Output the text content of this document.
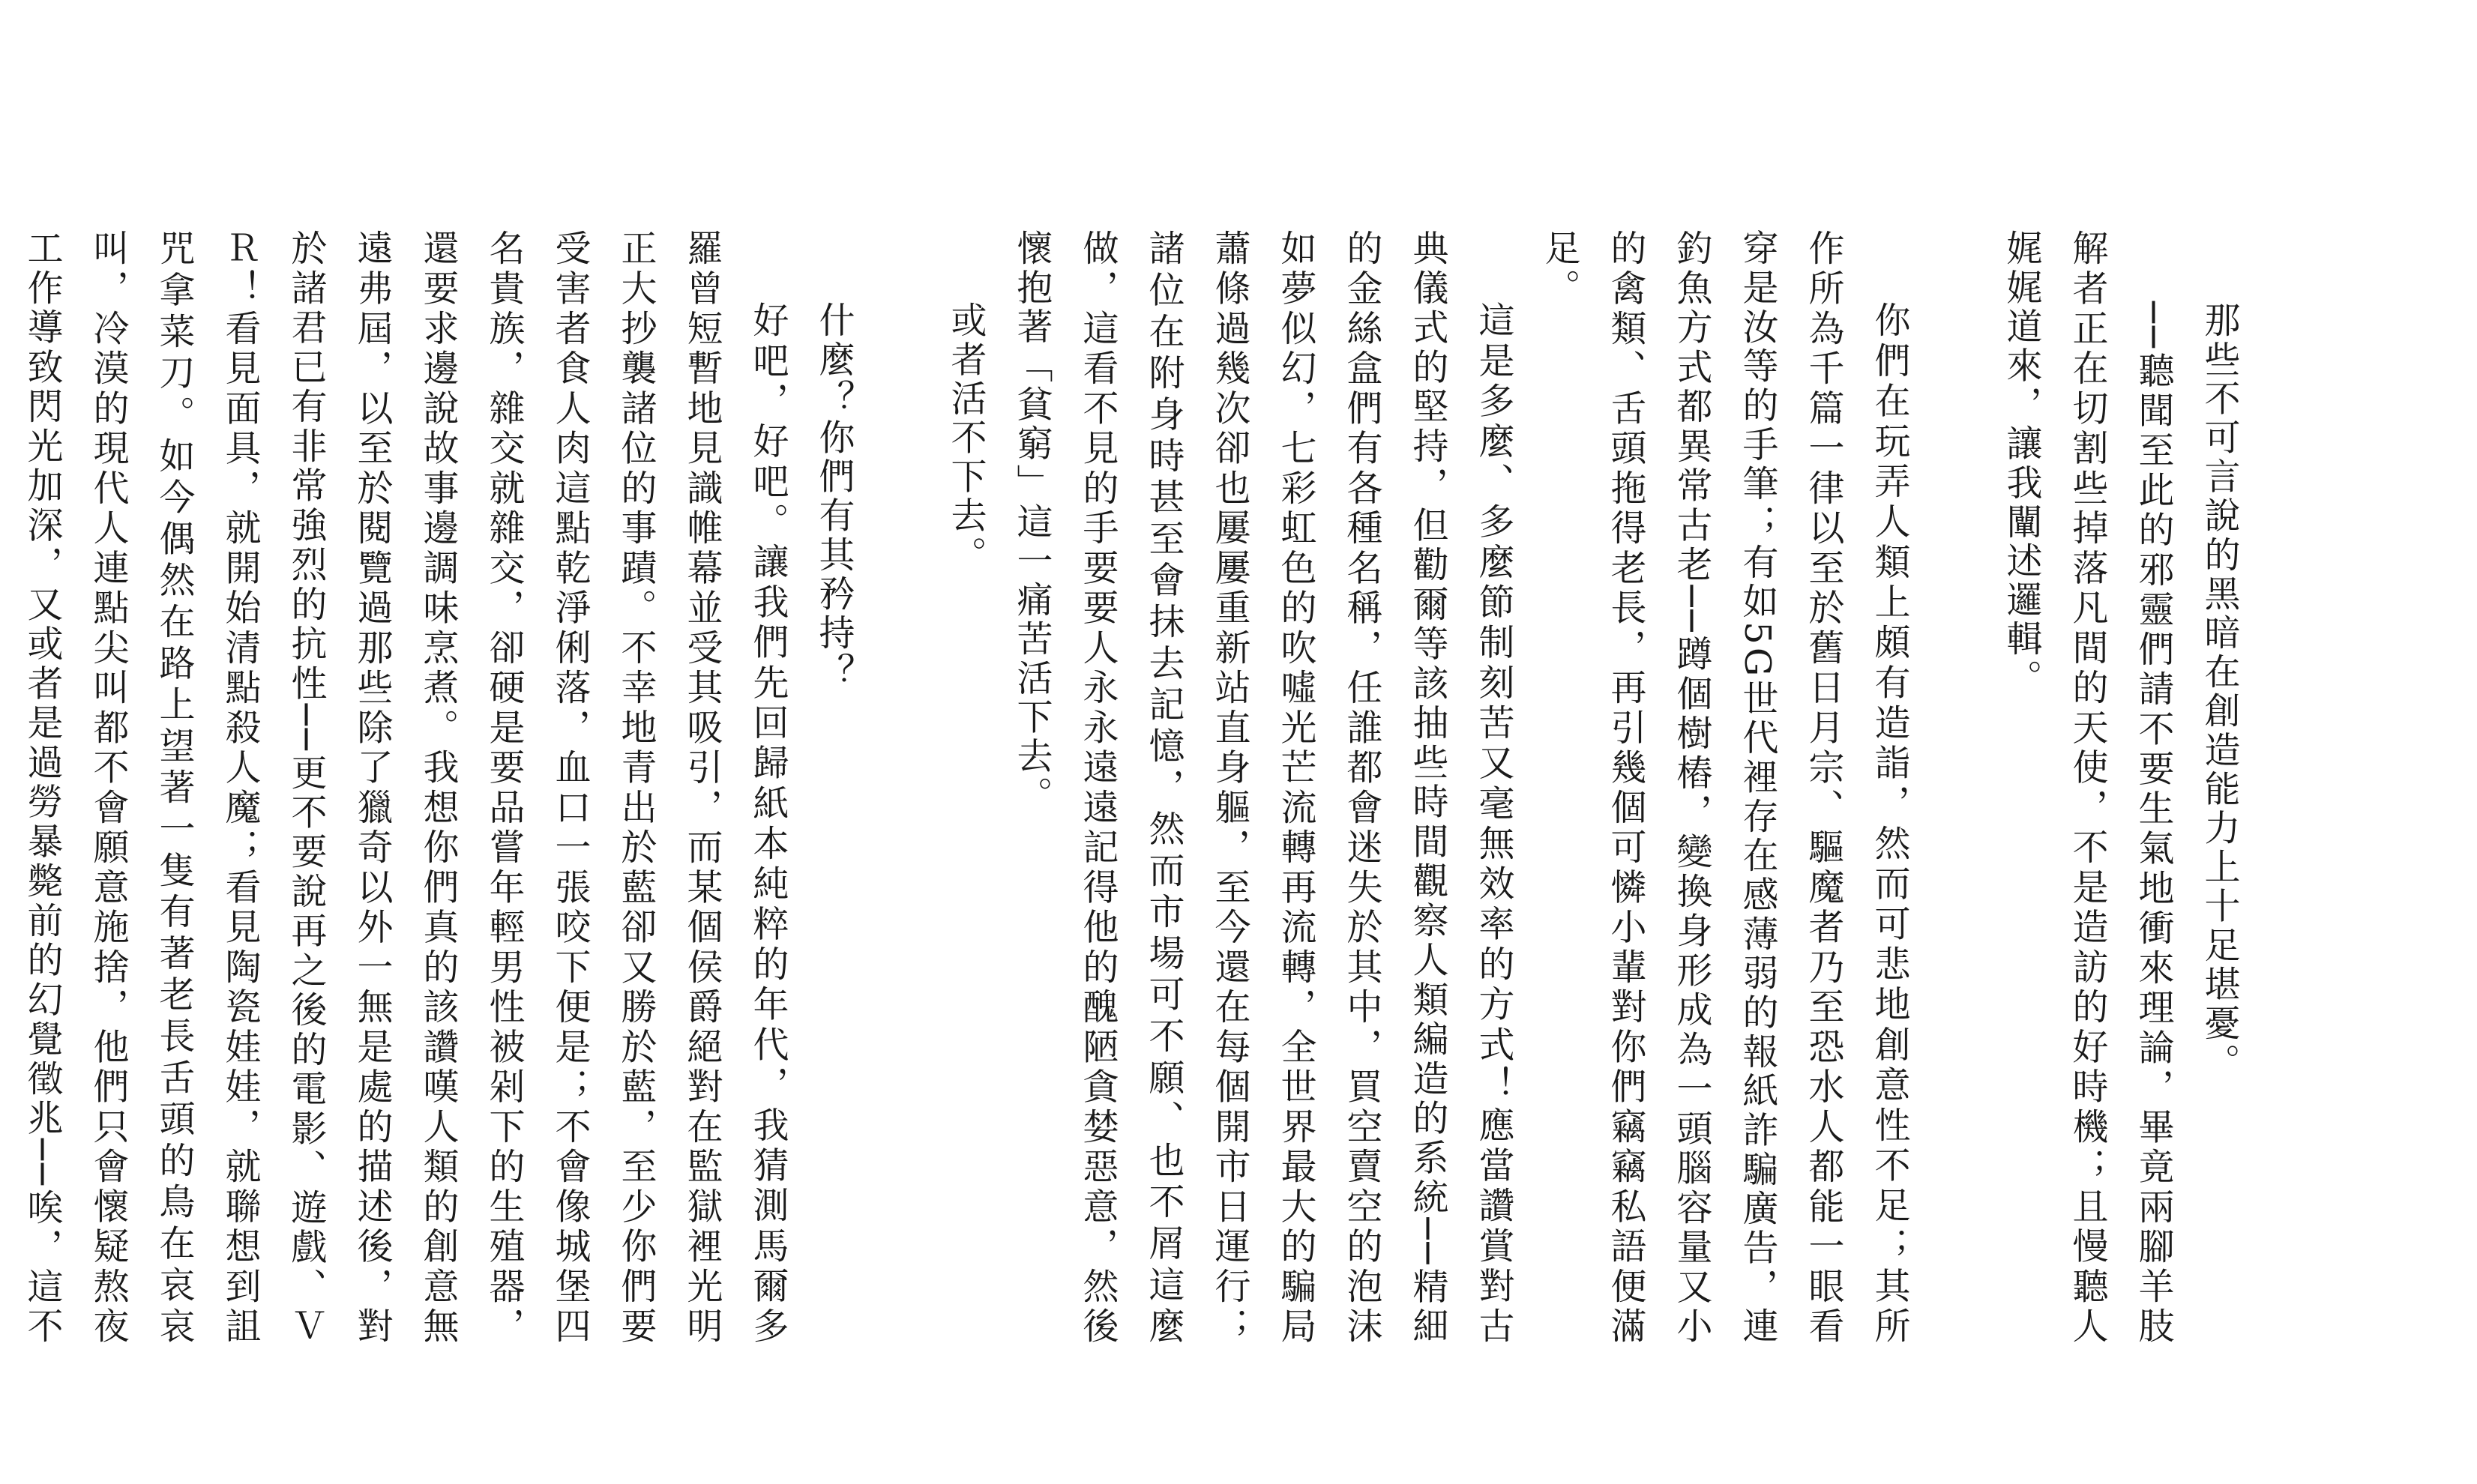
那些不可言說的黑暗在創造能力上十足堪憂。

──聽聞至此的邪靈們請不要生氣地衝來理論，畢竟兩腳羊肢解者正在切割些掉落凡間的天使，不是造訪的好時機；且慢聽人娓娓道來，讓我闡述邏輯。

你們在玩弄人類上頗有造詣，然而可悲地創意性不足；其所作所為千篇一律以至於舊日月宗、驅魔者乃至恐水人都能一眼看穿是汝等的手筆；有如5G世代裡存在感薄弱的報紙詐騙廣告，連釣魚方式都異常古老──蹲個樹樁，變換身形成為一頭腦容量又小的禽類、舌頭拖得老長，再引幾個可憐小輩對你們竊竊私語便滿足。

這是多麼、多麼節制刻苦又毫無效率的方式！應當讚賞對古典儀式的堅持，但勸爾等該抽些時間觀察人類編造的系統──精細的金絲盒們有各種名稱，任誰都會迷失於其中，買空賣空的泡沫如夢似幻，七彩虹色的吹噓光芒流轉再流轉，全世界最大的騙局蕭條過幾次卻也屢屢重新站直身軀，至今還在每個開市日運行；諸位在附身時甚至會抹去記憶，然而市場可不願、也不屑這麼做，這看不見的手要要人永永遠遠記得他的醜陋貪婪惡意，然後懷抱著「貧窮」這一痛苦活下去。

或者活不下去。

什麼？你們有其矜持？

好吧，好吧。讓我們先回歸紙本純粹的年代，我猜測馬爾多羅曾短暫地見識帷幕並受其吸引，而某個侯爵絕對在監獄裡光明正大抄襲諸位的事蹟。不幸地青出於藍卻又勝於藍，至少你們要受害者食人肉這點乾淨俐落，血口一張咬下便是；不會像城堡四名貴族，雜交就雜交，卻硬是要品嘗年輕男性被剁下的生殖器，還要求邊說故事邊調味烹煮。我想你們真的該讚嘆人類的創意無遠弗屆，以至於閱覽過那些除了獵奇以外一無是處的描述後，對於諸君已有非常強烈的抗性──更不要說再之後的電影、遊戲、ＶＲ！看見面具，就開始清點殺人魔；看見陶瓷娃娃，就聯想到詛咒拿菜刀。如今偶然在路上望著一隻有著老長舌頭的鳥在哀哀叫，冷漠的現代人連點尖叫都不會願意施捨，他們只會懷疑熬夜工作導致閃光加深，又或者是過勞暴斃前的幻覺徵兆──唉，這不
